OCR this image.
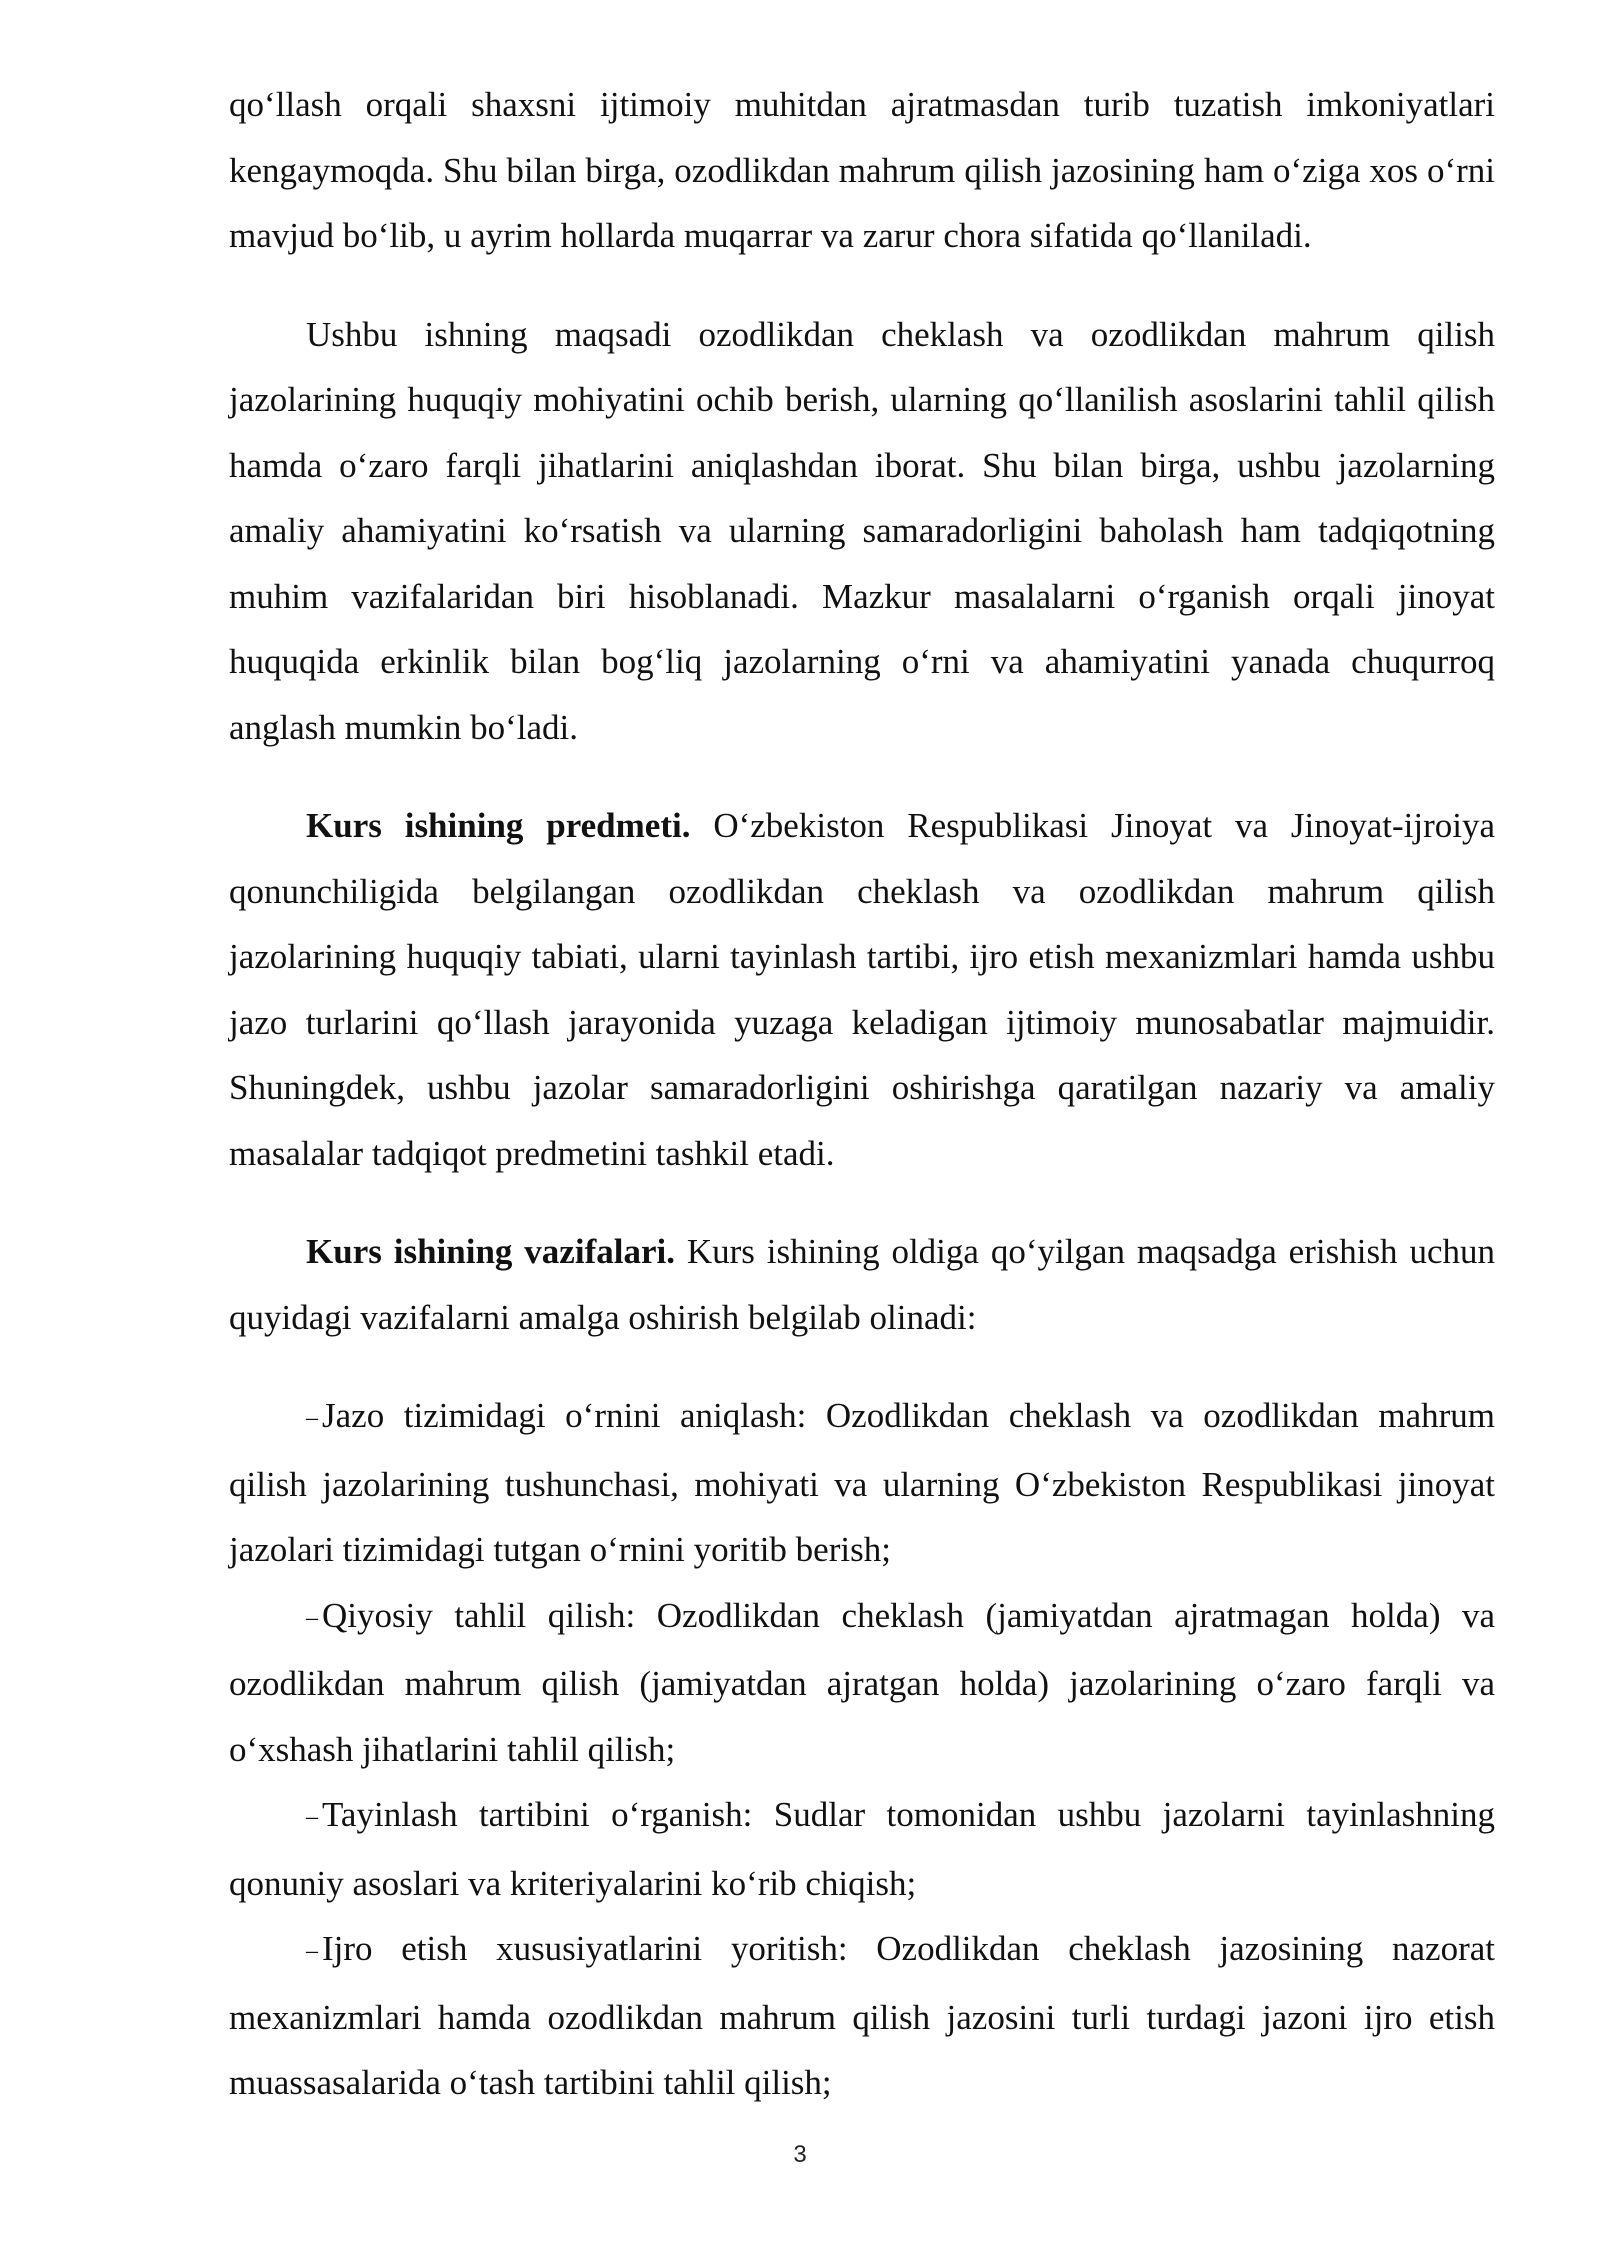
qo‘llash orqali shaxsni ijtimoiy muhitdan ajratmasdan turib tuzatish imkoniyatlari kengaymoqda. Shu bilan birga, ozodlikdan mahrum qilish jazosining ham o‘ziga xos o‘rni mavjud bo‘lib, u ayrim hollarda muqarrar va zarur chora sifatida qo‘llaniladi.

Ushbu ishning maqsadi ozodlikdan cheklash va ozodlikdan mahrum qilish jazolarining huquqiy mohiyatini ochib berish, ularning qo‘llanilish asoslarini tahlil qilish hamda o‘zaro farqli jihatlarini aniqlashdan iborat. Shu bilan birga, ushbu jazolarning amaliy ahamiyatini ko‘rsatish va ularning samaradorligini baholash ham tadqiqotning muhim vazifalaridan biri hisoblanadi. Mazkur masalalarni o‘rganish orqali jinoyat huquqida erkinlik bilan bog‘liq jazolarning o‘rni va ahamiyatini yanada chuqurroq anglash mumkin bo‘ladi.

Kurs ishining predmeti. O‘zbekiston Respublikasi Jinoyat va Jinoyat-ijroiya qonunchiligida belgilangan ozodlikdan cheklash va ozodlikdan mahrum qilish jazolarining huquqiy tabiati, ularni tayinlash tartibi, ijro etish mexanizmlari hamda ushbu jazo turlarini qo‘llash jarayonida yuzaga keladigan ijtimoiy munosabatlar majmuidir. Shuningdek, ushbu jazolar samaradorligini oshirishga qaratilgan nazariy va amaliy masalalar tadqiqot predmetini tashkil etadi.

Kurs ishining vazifalari. Kurs ishining oldiga qo‘yilgan maqsadga erishish uchun quyidagi vazifalarni amalga oshirish belgilab olinadi:

– Jazo tizimidagi o‘rnini aniqlash: Ozodlikdan cheklash va ozodlikdan mahrum qilish jazolarining tushunchasi, mohiyati va ularning O‘zbekiston Respublikasi jinoyat jazolari tizimidagi tutgan o‘rnini yoritib berish;

– Qiyosiy tahlil qilish: Ozodlikdan cheklash (jamiyatdan ajratmagan holda) va ozodlikdan mahrum qilish (jamiyatdan ajratgan holda) jazolarining o‘zaro farqli va o‘xshash jihatlarini tahlil qilish;

– Tayinlash tartibini o‘rganish: Sudlar tomonidan ushbu jazolarni tayinlashning qonuniy asoslari va kriteriyalarini ko‘rib chiqish;

– Ijro etish xususiyatlarini yoritish: Ozodlikdan cheklash jazosining nazorat mexanizmlari hamda ozodlikdan mahrum qilish jazosini turli turdagi jazoni ijro etish muassasalarida o‘tash tartibini tahlil qilish;

3
